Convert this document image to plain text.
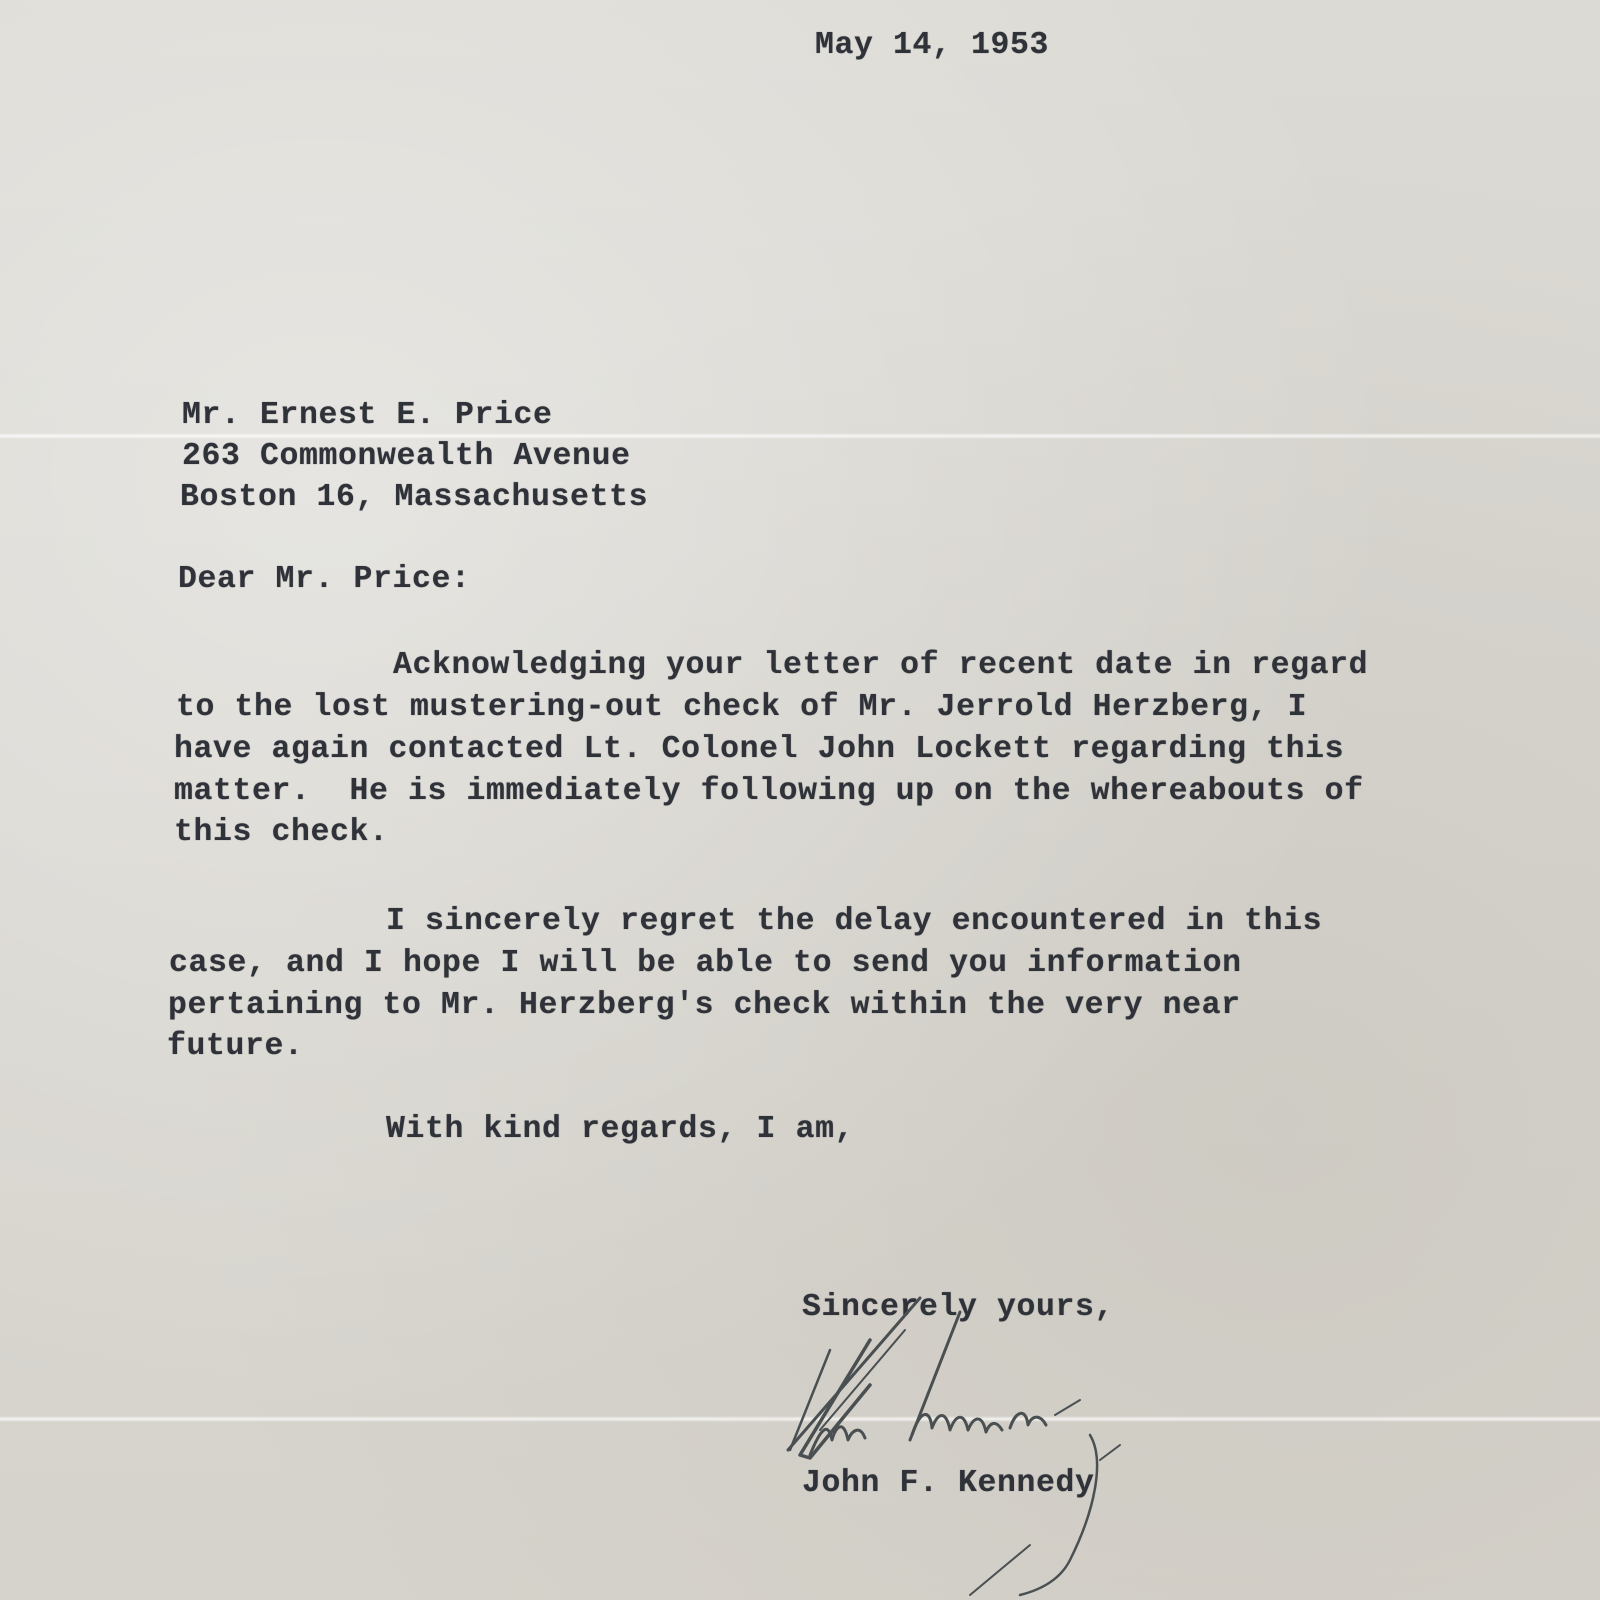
May 14, 1953
Mr. Ernest E. Price
263 Commonwealth Avenue
Boston 16, Massachusetts
Dear Mr. Price:
Acknowledging your letter of recent date in regard
to the lost mustering-out check of Mr. Jerrold Herzberg, I
have again contacted Lt. Colonel John Lockett regarding this
matter.  He is immediately following up on the whereabouts of
this check.
I sincerely regret the delay encountered in this
case, and I hope I will be able to send you information
pertaining to Mr. Herzberg's check within the very near
future.
With kind regards, I am,
Sincerely yours,
John F. Kennedy
